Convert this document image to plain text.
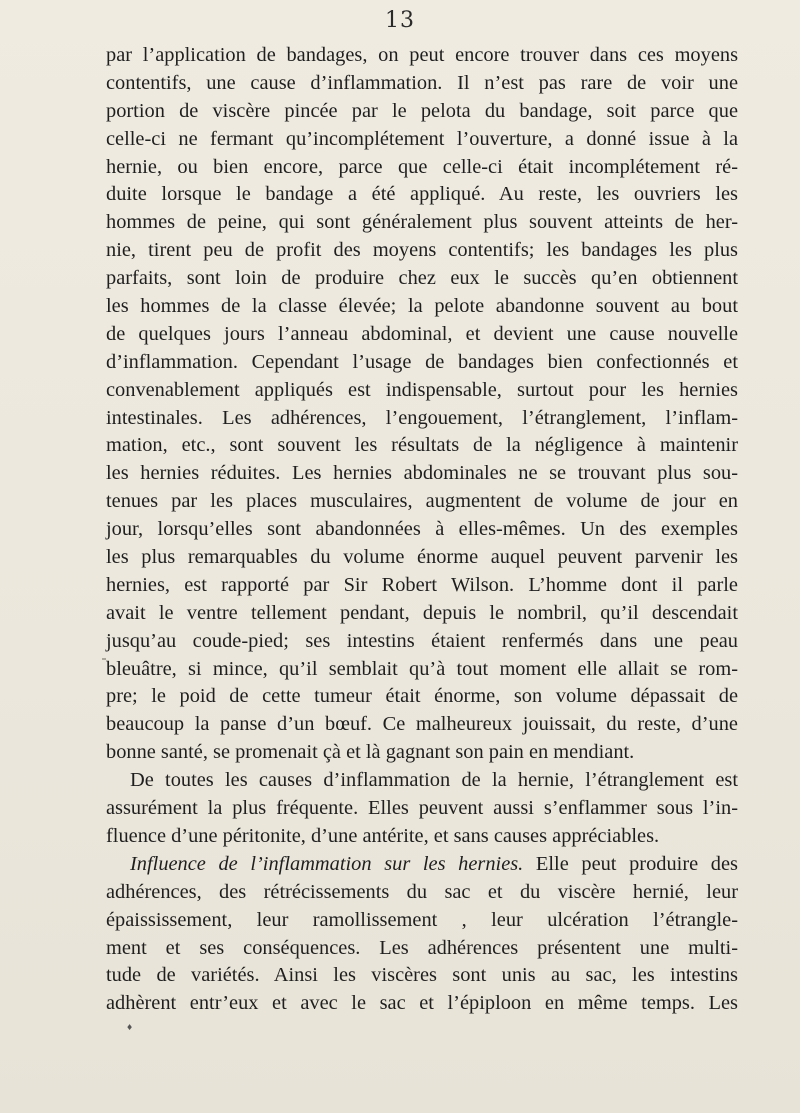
13
par l’application de bandages, on peut encore trouver dans ces moyens
contentifs, une cause d’inflammation. Il n’est pas rare de voir une
portion de viscère pincée par le pelota du bandage, soit parce que
celle-ci ne fermant qu’incomplétement l’ouverture, a donné issue à la
hernie, ou bien encore, parce que celle-ci était incomplétement ré-
duite lorsque le bandage a été appliqué. Au reste, les ouvriers les
hommes de peine, qui sont généralement plus souvent atteints de her-
nie, tirent peu de profit des moyens contentifs; les bandages les plus
parfaits, sont loin de produire chez eux le succès qu’en obtiennent
les hommes de la classe élevée; la pelote abandonne souvent au bout
de quelques jours l’anneau abdominal, et devient une cause nouvelle
d’inflammation. Cependant l’usage de bandages bien confectionnés et
convenablement appliqués est indispensable, surtout pour les hernies
intestinales. Les adhérences, l’engouement, l’étranglement, l’inflam-
mation, etc., sont souvent les résultats de la négligence à maintenir
les hernies réduites. Les hernies abdominales ne se trouvant plus sou-
tenues par les places musculaires, augmentent de volume de jour en
jour, lorsqu’elles sont abandonnées à elles-mêmes. Un des exemples
les plus remarquables du volume énorme auquel peuvent parvenir les
hernies, est rapporté par Sir Robert Wilson. L’homme dont il parle
avait le ventre tellement pendant, depuis le nombril, qu’il descendait
jusqu’au coude-pied; ses intestins étaient renfermés dans une peau
bleuâtre, si mince, qu’il semblait qu’à tout moment elle allait se rom-
pre; le poid de cette tumeur était énorme, son volume dépassait de
beaucoup la panse d’un bœuf. Ce malheureux jouissait, du reste, d’une
bonne santé, se promenait çà et là gagnant son pain en mendiant.
De toutes les causes d’inflammation de la hernie, l’étranglement est
assurément la plus fréquente. Elles peuvent aussi s’enflammer sous l’in-
fluence d’une péritonite, d’une antérite, et sans causes appréciables.
Influence de l’inflammation sur les hernies. Elle peut produire des
adhérences, des rétrécissements du sac et du viscère hernié, leur
épaississement, leur ramollissement , leur ulcération l’étrangle-
ment et ses conséquences. Les adhérences présentent une multi-
tude de variétés. Ainsi les viscères sont unis au sac, les intestins
adhèrent entr’eux et avec le sac et l’épiploon en même temps. Les
♦
